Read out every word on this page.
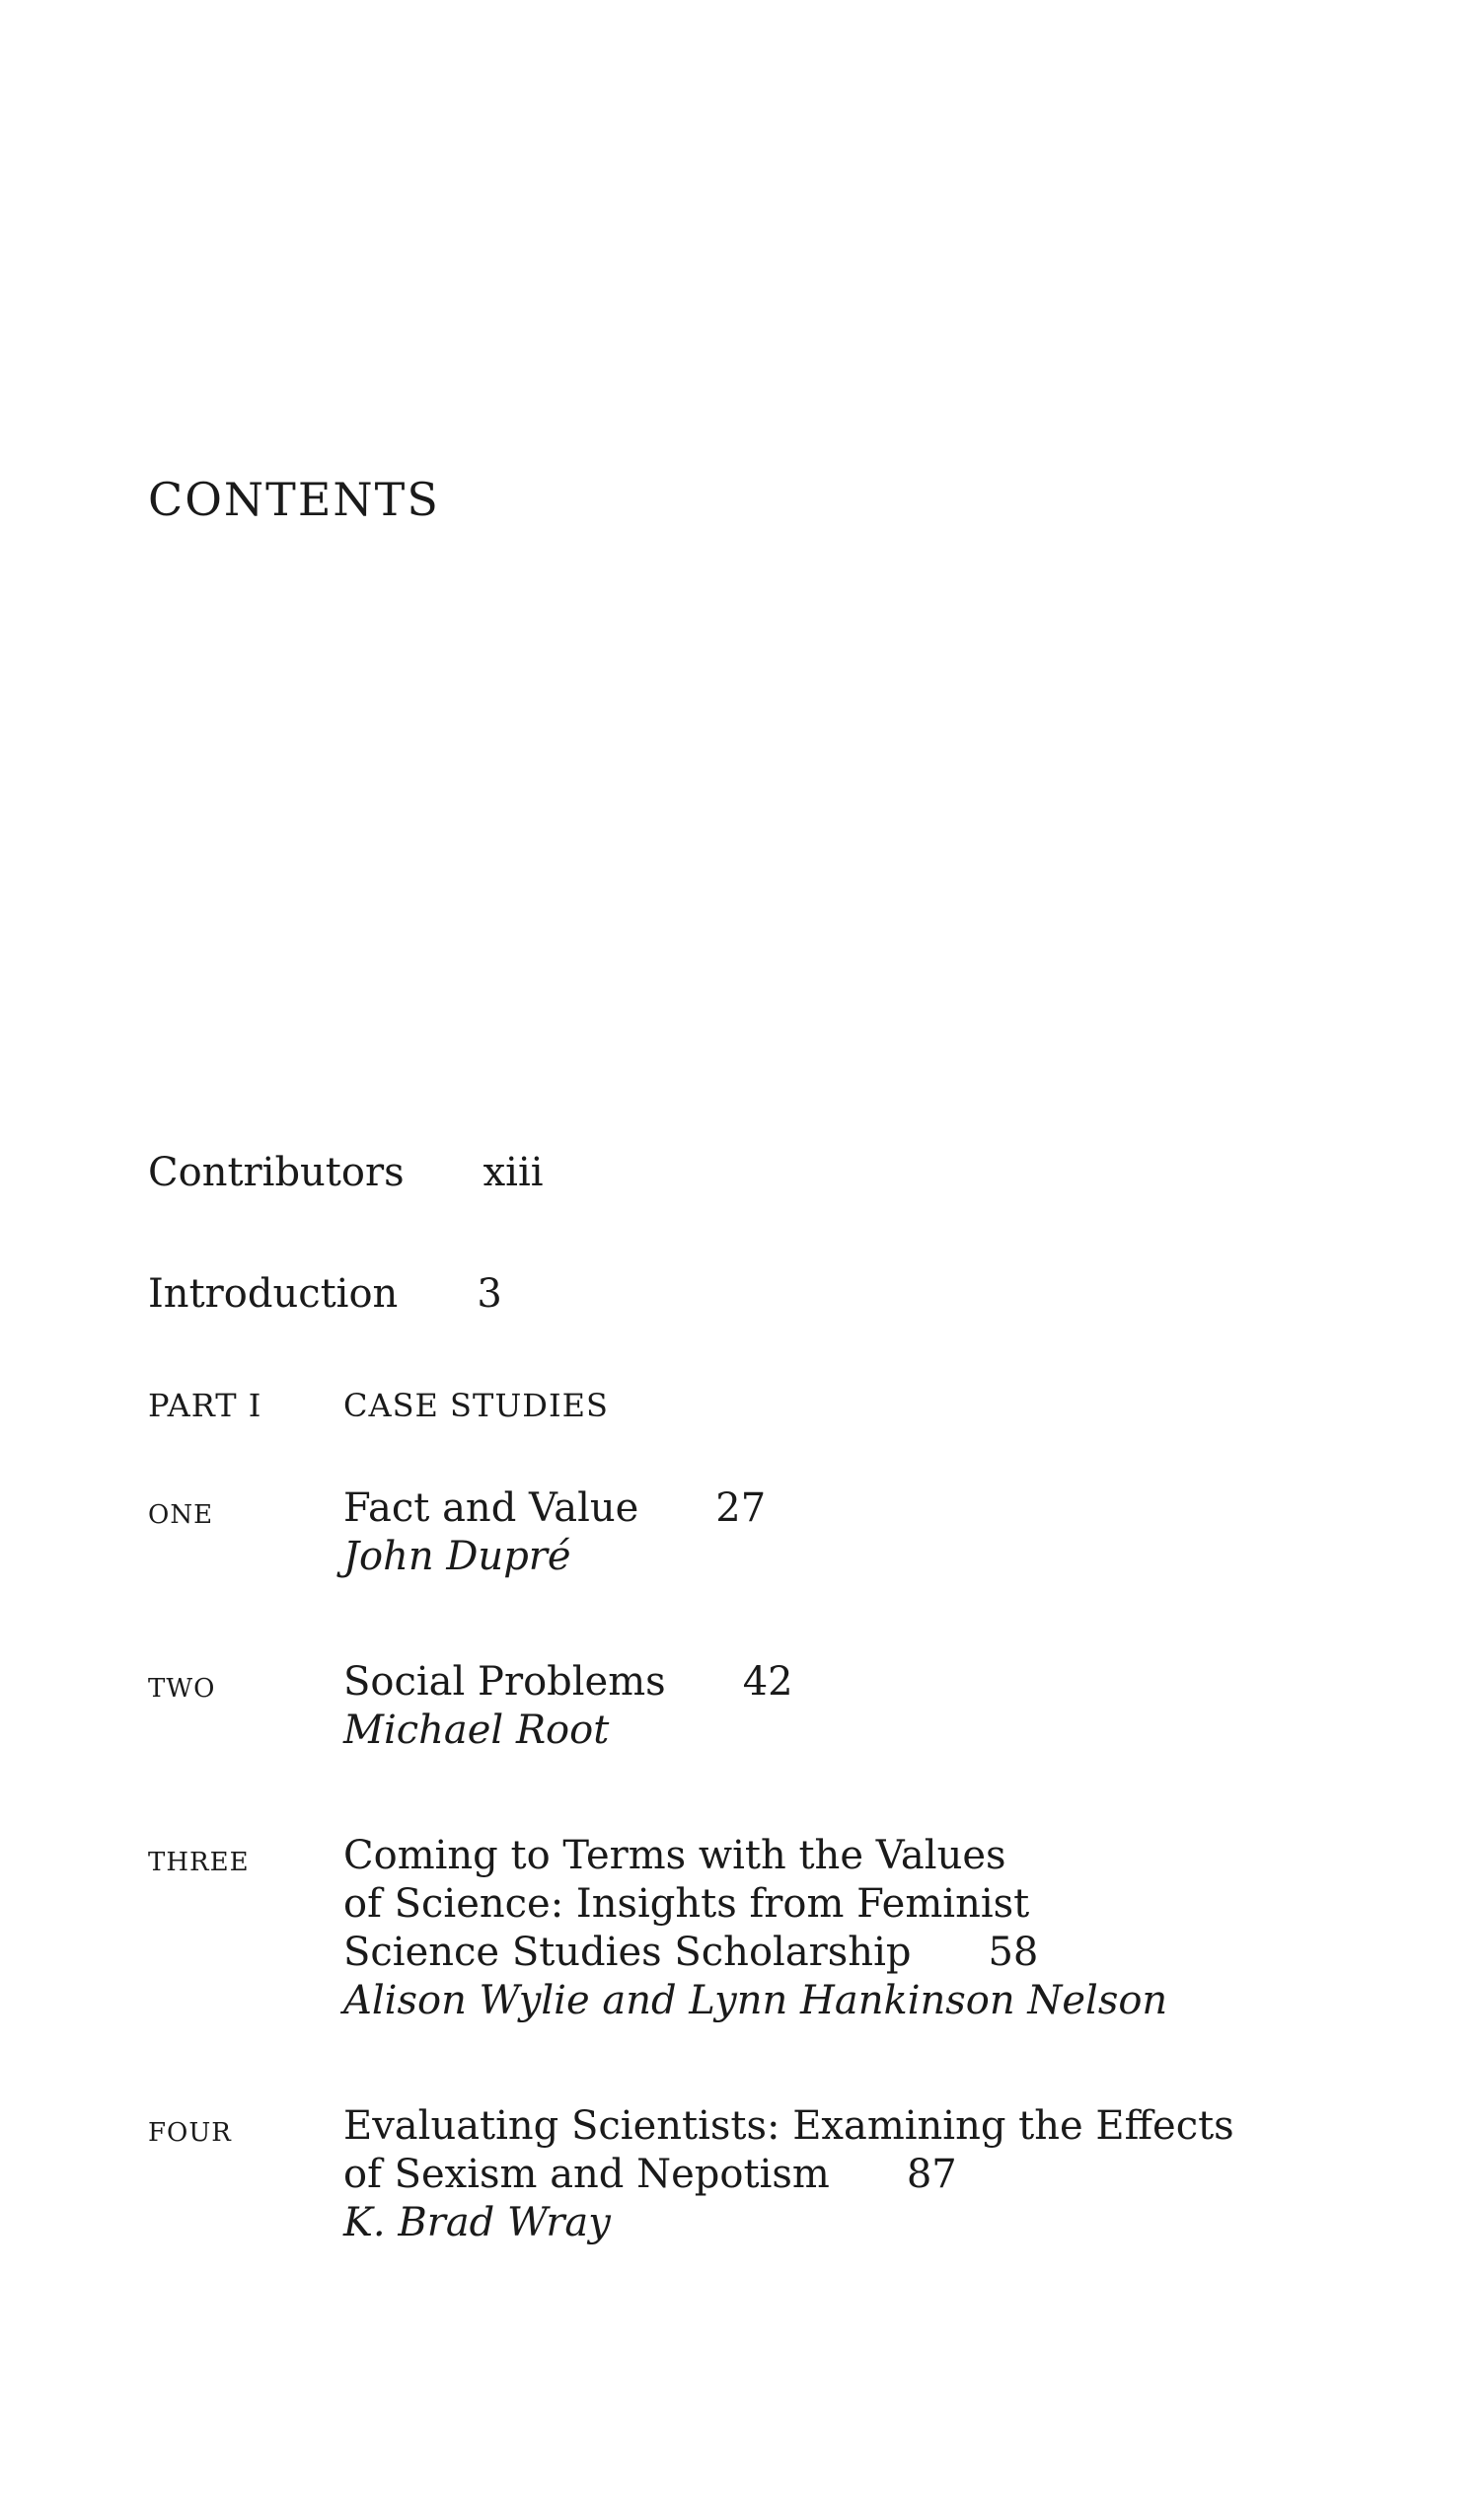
CONTENTS
Contributors xiii
Introduction 3
PART I	CASE STUDIES
ONE	Fact and Value 27
John Dupré
TWO	Social Problems 42
Michael Root
THREE Coming to Terms with the Values
of Science: Insights from Feminist
Science Studies Scholarship 58
Alison Wylie and Lynn Hankinson Nelson
FOUR	Evaluating Scientists: Examining the Effects
of Sexism and Nepotism 87
K. Brad Wray
